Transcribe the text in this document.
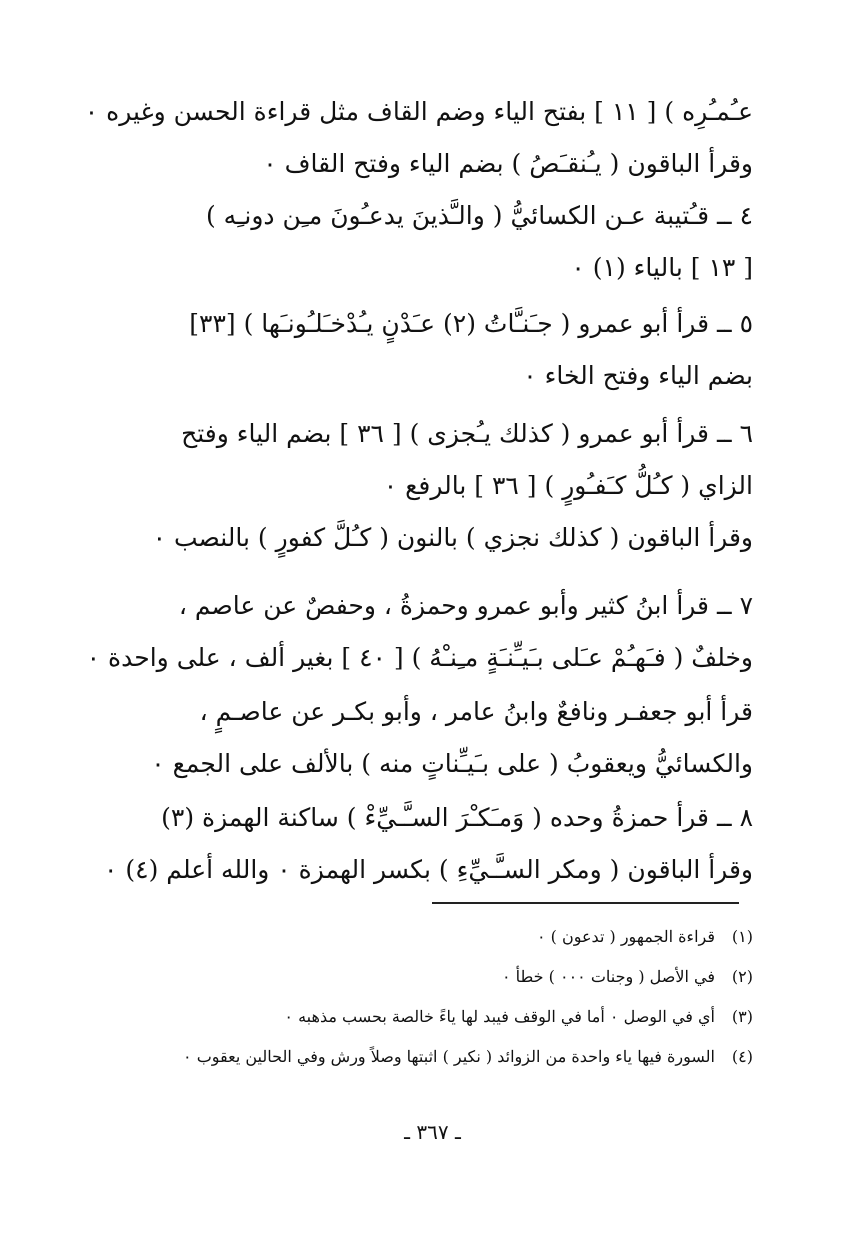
عـُمـُرِه ) [ ١١ ] بفتح الياء وضم القاف مثل قراءة الحسن وغيره ٠

وقرأ الباقون ( يـُنقـَصُ ) بضم الياء وفتح القاف ٠

٤ ــ قـُتيبة عـن الكسائيُّ ( والـَّذينَ يدعـُونَ مـِن دونـِه )

[ ١٣ ] بالياء (١) ٠

٥ ــ قرأ أبو عمرو ( جـَنـَّاتُ (٢) عـَدْنٍ يـُدْخـَلـُونـَها ) [٣٣]

بضم الياء وفتح الخاء ٠

٦ ــ قرأ أبو عمرو ( كذلك يـُجزى ) [ ٣٦ ] بضم الياء وفتح

الزاي ( كـُلُّ كـَفـُورٍ ) [ ٣٦ ] بالرفع ٠

وقرأ الباقون ( كذلك نجزي ) بالنون ( كـُلَّ كفورٍ ) بالنصب ٠

٧ ــ قرأ ابنُ كثير وأبو عمرو وحمزةُ ، وحفصٌ عن عاصم ،

وخلفٌ ( فـَهـُمْ عـَلى بـَيـِّنـَةٍ مـِنـْهُ ) [ ٤٠ ] بغير ألف ، على واحدة ٠

قرأ أبو جعفـر ونافعٌ وابنُ عامر ، وأبو بكـر عن عاصـمٍ ،

والكسائيُّ ويعقوبُ ( على بـَيـِّناتٍ منه ) بالألف على الجمع ٠

٨ ــ قرأ حمزةُ وحده ( وَمـَكـْرَ السـَّـيِّءْ ) ساكنة الهمزة (٣)

وقرأ الباقون ( ومكر السـَّـيِّءِ ) بكسر الهمزة ٠ والله أعلم (٤) ٠

(١)
قراءة الجمهور ( تدعون ) ٠
(٢)
في الأصل ( وجنات ٠٠٠ ) خطأ ٠
(٣)
أي في الوصل ٠ أما في الوقف فيبد لها ياءً خالصة بحسب مذهبه ٠
(٤)
السورة فيها ياء واحدة من الزوائد ( نكير ) اثبتها وصلاً ورش وفي الحالين يعقوب ٠
ـ ٣٦٧ ـ
